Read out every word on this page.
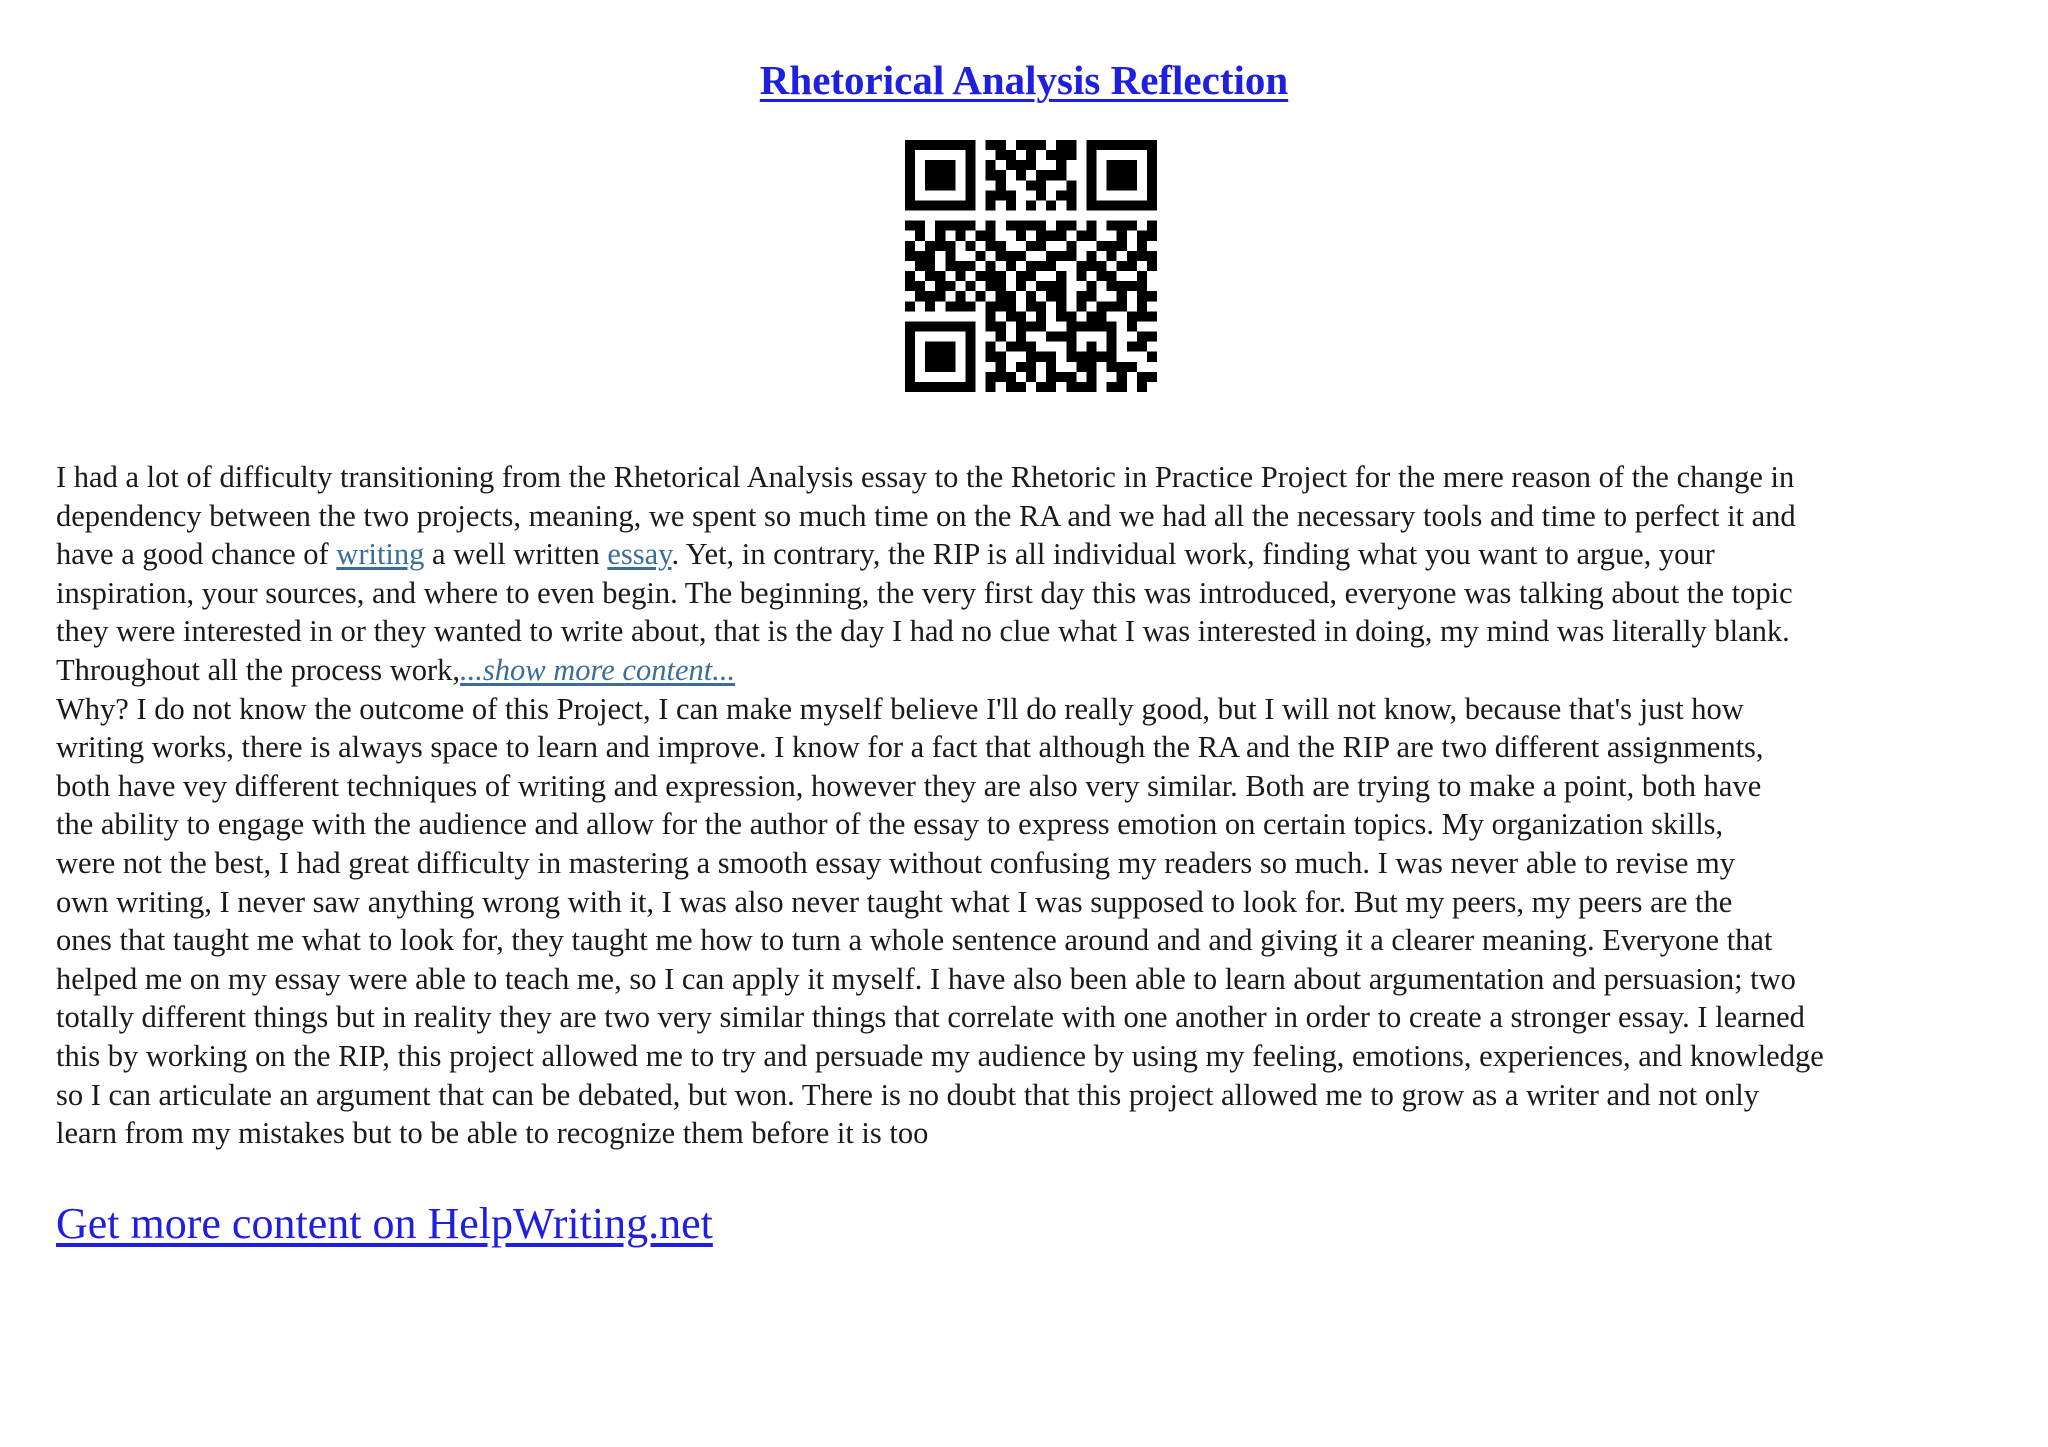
Rhetorical Analysis Reflection
I had a lot of difficulty transitioning from the Rhetorical Analysis essay to the Rhetoric in Practice Project for the mere reason of the change in
dependency between the two projects, meaning, we spent so much time on the RA and we had all the necessary tools and time to perfect it and
have a good chance of writing a well written essay. Yet, in contrary, the RIP is all individual work, finding what you want to argue, your
inspiration, your sources, and where to even begin. The beginning, the very first day this was introduced, everyone was talking about the topic
they were interested in or they wanted to write about, that is the day I had no clue what I was interested in doing, my mind was literally blank.
Throughout all the process work,...show more content...
Why? I do not know the outcome of this Project, I can make myself believe I'll do really good, but I will not know, because that's just how
writing works, there is always space to learn and improve. I know for a fact that although the RA and the RIP are two different assignments,
both have vey different techniques of writing and expression, however they are also very similar. Both are trying to make a point, both have
the ability to engage with the audience and allow for the author of the essay to express emotion on certain topics. My organization skills,
were not the best, I had great difficulty in mastering a smooth essay without confusing my readers so much. I was never able to revise my
own writing, I never saw anything wrong with it, I was also never taught what I was supposed to look for. But my peers, my peers are the
ones that taught me what to look for, they taught me how to turn a whole sentence around and and giving it a clearer meaning. Everyone that
helped me on my essay were able to teach me, so I can apply it myself. I have also been able to learn about argumentation and persuasion; two
totally different things but in reality they are two very similar things that correlate with one another in order to create a stronger essay. I learned
this by working on the RIP, this project allowed me to try and persuade my audience by using my feeling, emotions, experiences, and knowledge
so I can articulate an argument that can be debated, but won. There is no doubt that this project allowed me to grow as a writer and not only
learn from my mistakes but to be able to recognize them before it is too
Get more content on HelpWriting.net
